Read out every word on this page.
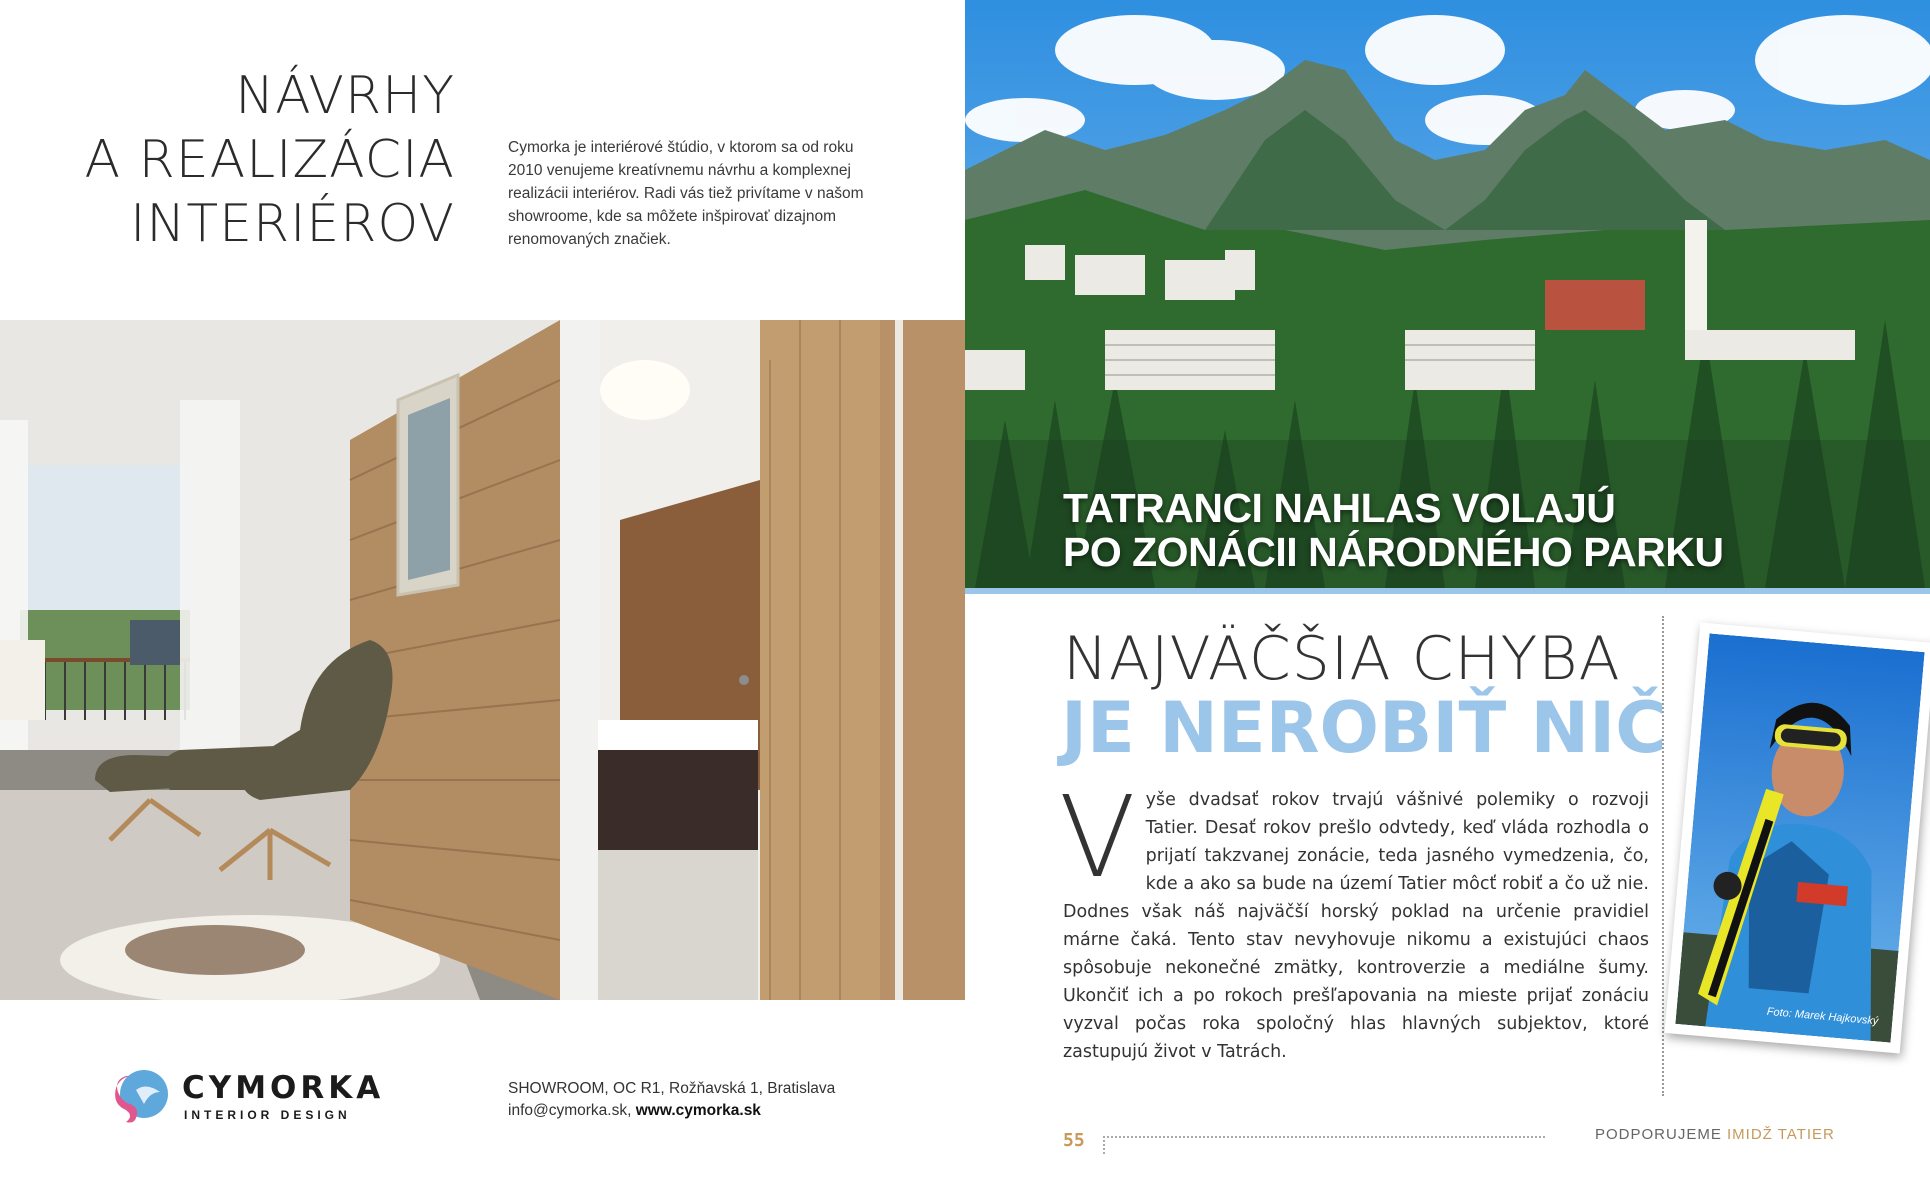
NÁVRHY
A REALIZÁCIA
INTERIÉROV

Cymorka je interiérové štúdio, v ktorom sa od roku 2010 venujeme kreatívnemu návrhu a komplexnej realizácii interiérov. Radi vás tiež privítame v našom showroome, kde sa môžete inšpirovať dizajnom renomovaných značiek.

CYMORKA
INTERIOR DESIGN
SHOWROOM, OC R1, Rožňavská 1, Bratislava
info@cymorka.sk, www.cymorka.sk
TATRANCI NAHLAS VOLAJÚ
PO ZONÁCII NÁRODNÉHO PARKU
NAJVÄČŠIA CHYBA
JE NEROBIŤ NIČ
V yše dvadsať rokov trvajú vášnivé polemiky o rozvoji Tatier. Desať rokov prešlo odvtedy, keď vláda rozhodla o prijatí takzvanej zonácie, teda jasného vymedzenia, čo, kde a ako sa bude na území Tatier môcť robiť a čo už nie. Dodnes však náš najväčší horský poklad na určenie pravidiel márne čaká. Tento stav nevyhovuje nikomu a existujúci chaos spôsobuje nekonečné zmätky, kontroverzie a mediálne šumy. Ukončiť ich a po rokoch prešľapovania na mieste prijať zonáciu vyzval počas roka spoločný hlas hlavných subjektov, ktoré zastupujú život v Tatrách.
Foto: Marek Hajkovský
55	PODPORUJEME IMIDŽ TATIER
